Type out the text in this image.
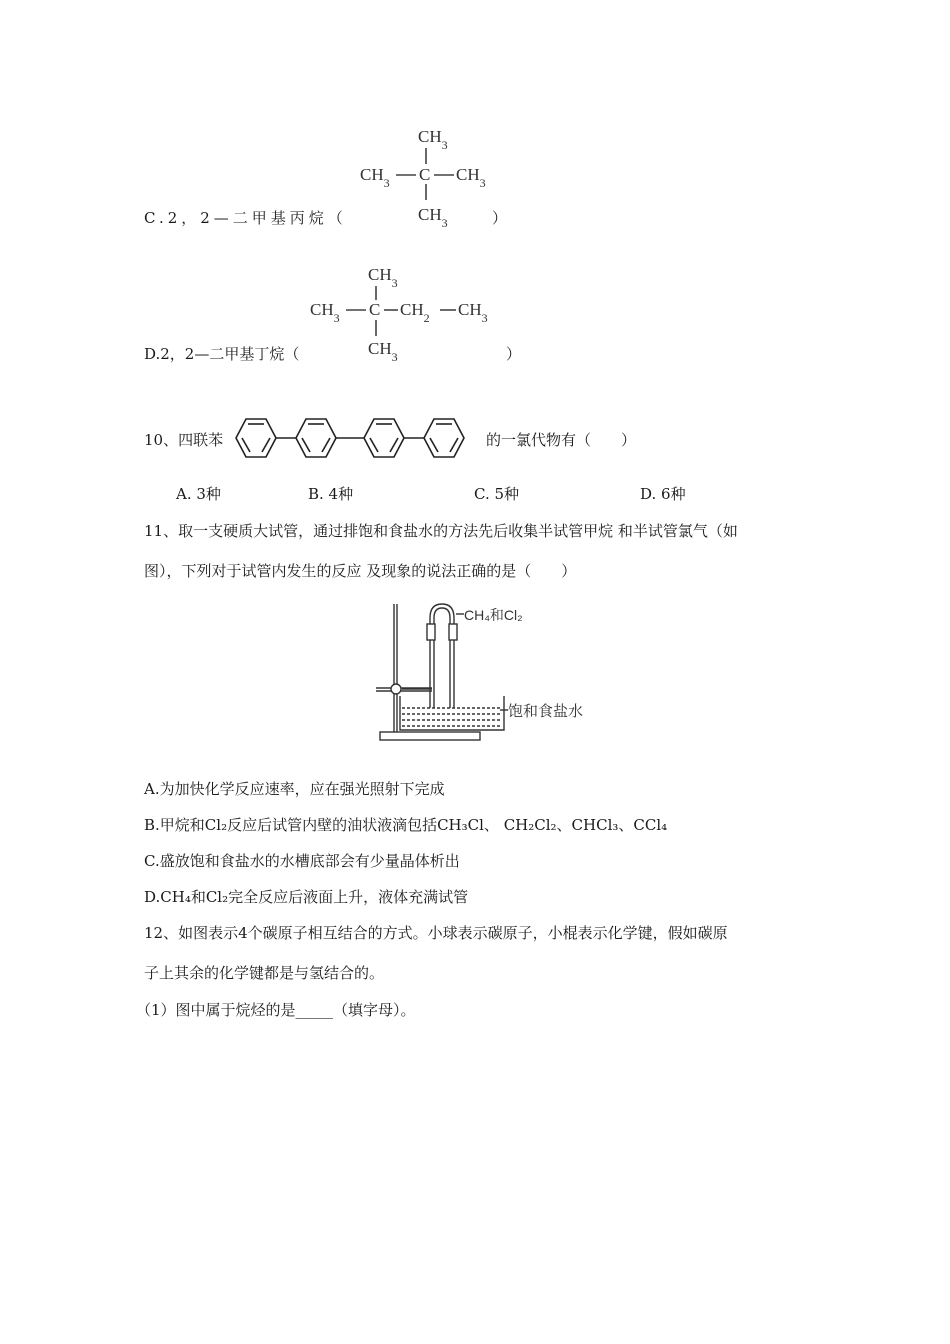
C.2，2—二甲基丙烷（	）
$CH_3$
$CH_3$ C $CH_3$
$CH_3$
D.2，2—二甲基丁烷（	）
$CH_3$
$CH_3$ C $CH_2$ $CH_3$
$CH_3$
10、四联苯	的一氯代物有（　　）
A. 3种	B. 4种	C. 5种	D. 6种
11、取一支硬质大试管，通过排饱和食盐水的方法先后收集半试管甲烷 和半试管氯气（如
图），下列对于试管内发生的反应 及现象的说法正确的是（　　）
CH₄和Cl₂
饱和食盐水
A.为加快化学反应速率，应在强光照射下完成
B.甲烷和Cl₂反应后试管内壁的油状液滴包括CH₃Cl、 CH₂Cl₂、CHCl₃、CCl₄
C.盛放饱和食盐水的水槽底部会有少量晶体析出
D.CH₄和Cl₂完全反应后液面上升，液体充满试管
12、如图表示4个碳原子相互结合的方式。小球表示碳原子，小棍表示化学键，假如碳原
子上其余的化学键都是与氢结合的。
（1）图中属于烷烃的是_____（填字母）。
